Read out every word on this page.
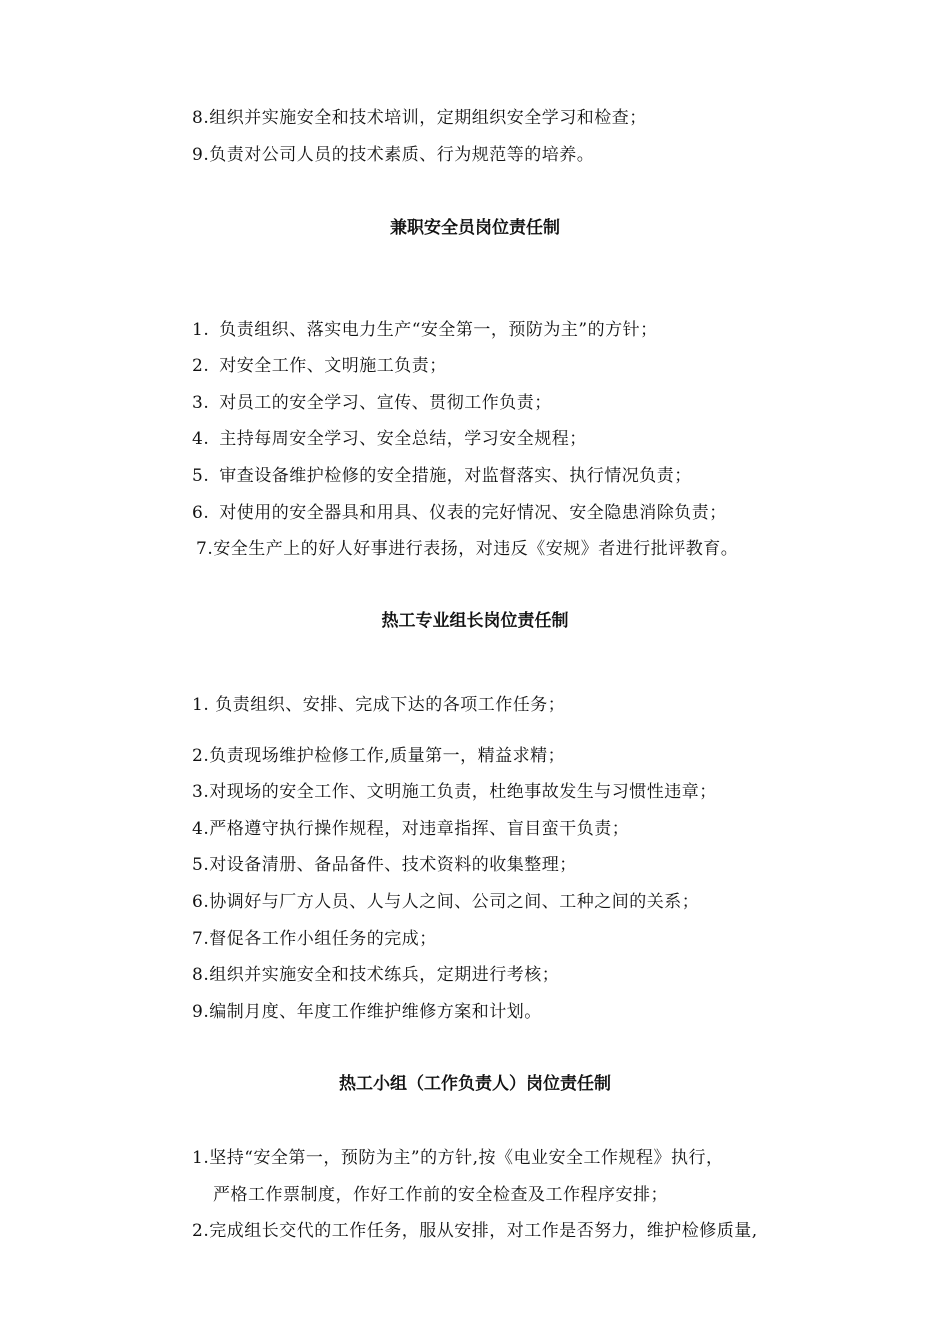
8.组织并实施安全和技术培训，定期组织安全学习和检查；
9.负责对公司人员的技术素质、行为规范等的培养。
兼职安全员岗位责任制
1. 负责组织、落实电力生产“安全第一，预防为主”的方针；
2. 对安全工作、文明施工负责；
3. 对员工的安全学习、宣传、贯彻工作负责；
4. 主持每周安全学习、安全总结，学习安全规程；
5. 审查设备维护检修的安全措施，对监督落实、执行情况负责；
6. 对使用的安全器具和用具、仪表的完好情况、安全隐患消除负责；
7.安全生产上的好人好事进行表扬，对违反《安规》者进行批评教育。
热工专业组长岗位责任制
1. 负责组织、安排、完成下达的各项工作任务；
2.负责现场维护检修工作,质量第一，精益求精；
3.对现场的安全工作、文明施工负责，杜绝事故发生与习惯性违章；
4.严格遵守执行操作规程，对违章指挥、盲目蛮干负责；
5.对设备清册、备品备件、技术资料的收集整理；
6.协调好与厂方人员、人与人之间、公司之间、工种之间的关系；
7.督促各工作小组任务的完成；
8.组织并实施安全和技术练兵，定期进行考核；
9.编制月度、年度工作维护维修方案和计划。
热工小组（工作负责人）岗位责任制
1.坚持“安全第一，预防为主”的方针,按《电业安全工作规程》执行，
严格工作票制度，作好工作前的安全检查及工作程序安排；
2.完成组长交代的工作任务，服从安排，对工作是否努力，维护检修质量,
